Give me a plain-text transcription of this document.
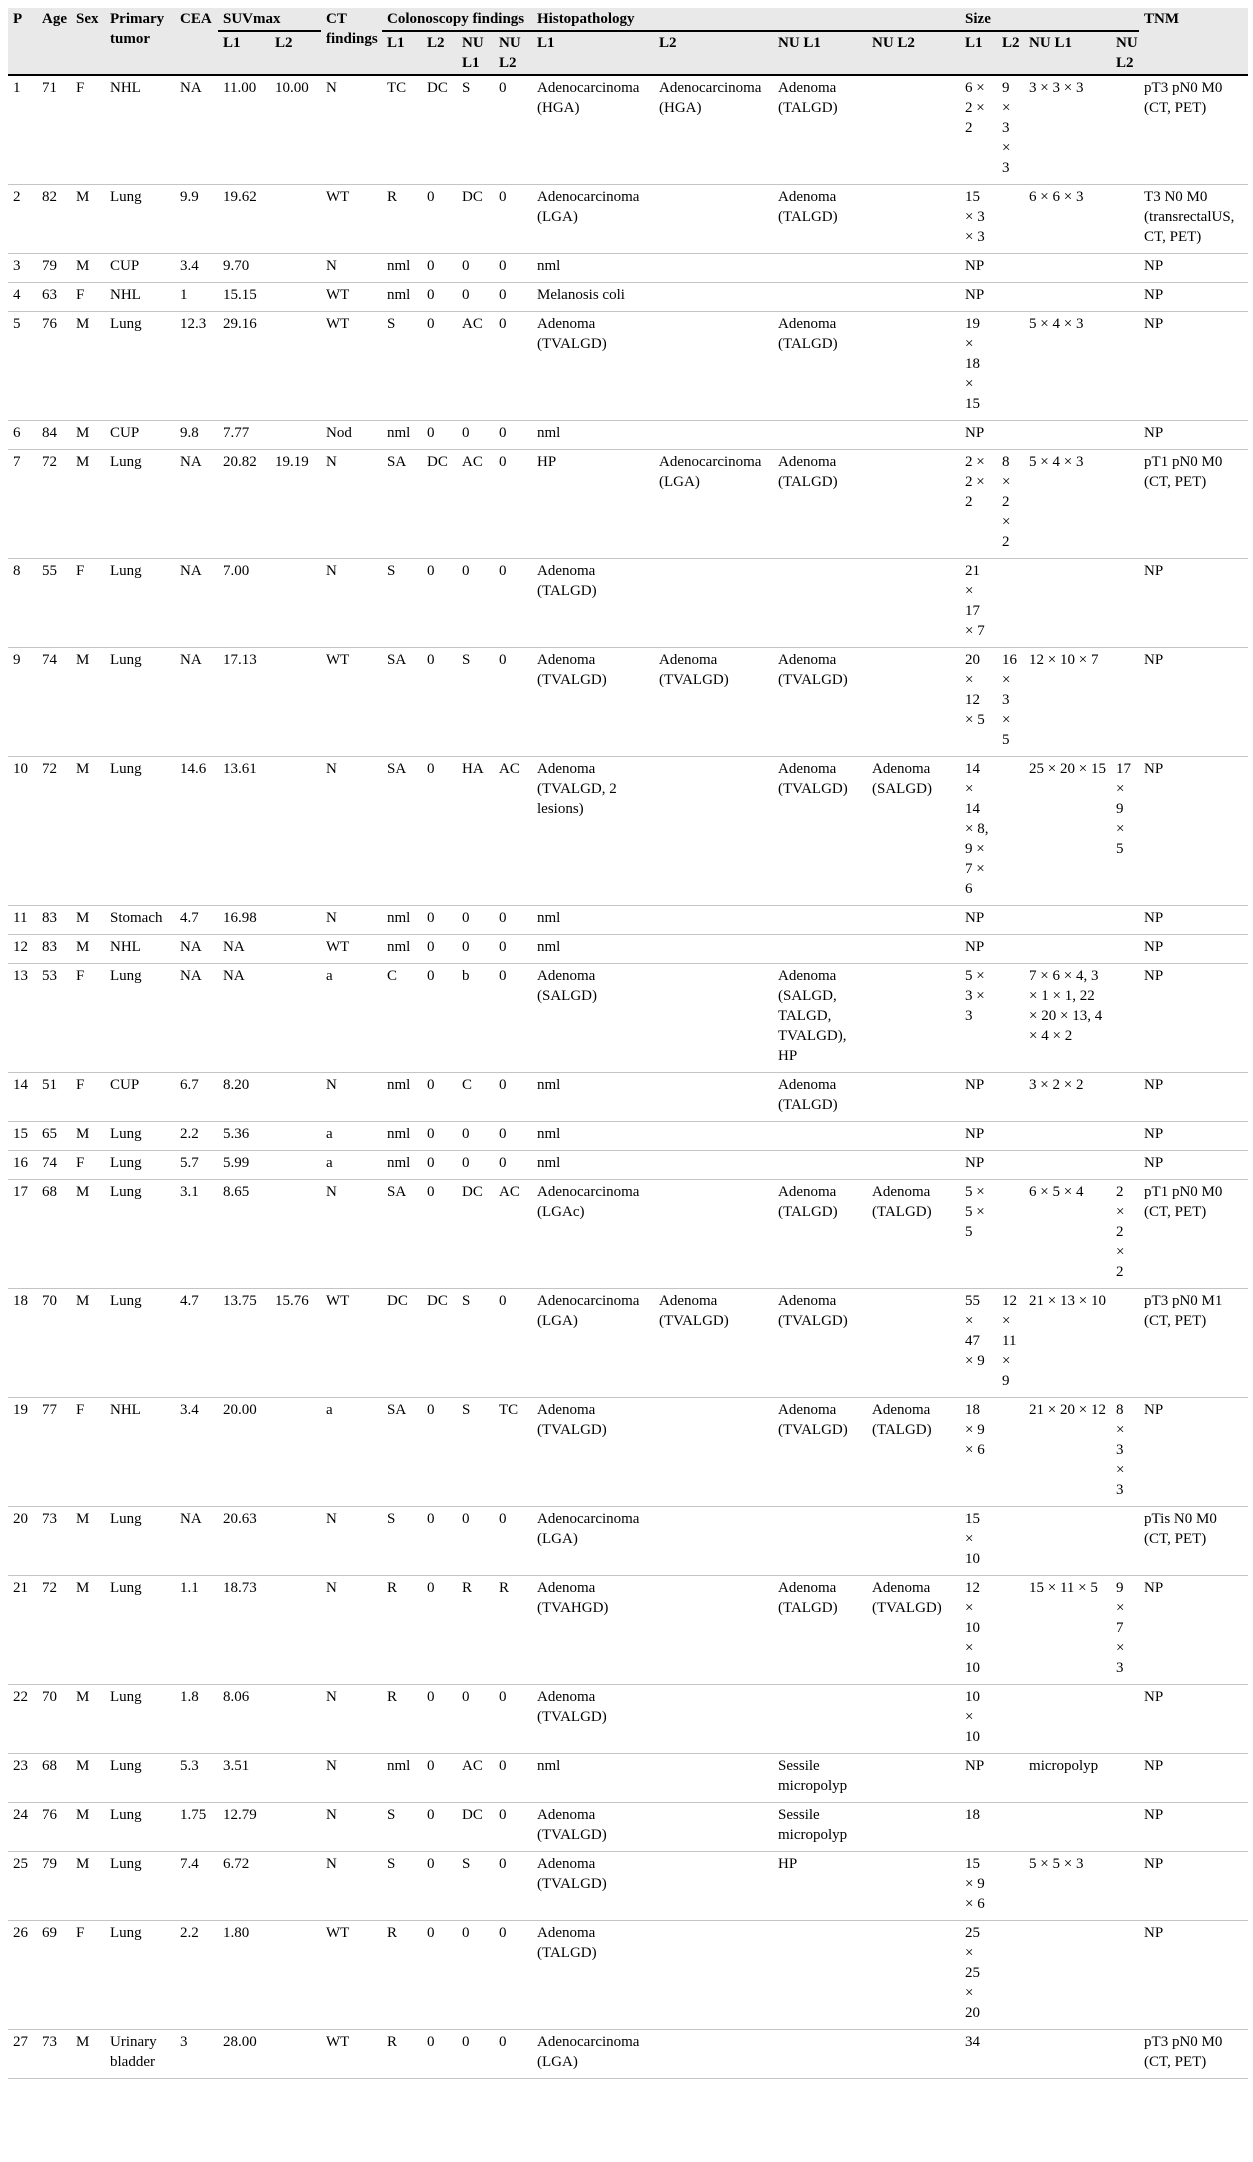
P	Age	Sex	Primary tumor	CEA	SUVmax		CT findings	Colonoscopy findings				Histopathology				Size				TNM
					L1	L2		L1	L2	NU L1	NU L2	L1	L2	NU L1	NU L2	L1	L2	NU L1	NU L2	
1	71	F	NHL	NA	11.00	10.00	N	TC	DC	S	0	Adenocarcinoma (HGA)	Adenocarcinoma (HGA)	Adenoma (TALGD)		6 × 2 × 2	9 × 3 × 3	3 × 3 × 3		pT3 pN0 M0 (CT, PET)
2	82	M	Lung	9.9	19.62		WT	R	0	DC	0	Adenocarcinoma (LGA)		Adenoma (TALGD)		15 × 3 × 3		6 × 6 × 3		T3 N0 M0 (transrectalUS, CT, PET)
3	79	M	CUP	3.4	9.70		N	nml	0	0	0	nml				NP				NP
4	63	F	NHL	1	15.15		WT	nml	0	0	0	Melanosis coli				NP				NP
5	76	M	Lung	12.3	29.16		WT	S	0	AC	0	Adenoma (TVALGD)		Adenoma (TALGD)		19 × 18 × 15		5 × 4 × 3		NP
6	84	M	CUP	9.8	7.77		Nod	nml	0	0	0	nml				NP				NP
7	72	M	Lung	NA	20.82	19.19	N	SA	DC	AC	0	HP	Adenocarcinoma (LGA)	Adenoma (TALGD)		2 × 2 × 2	8 × 2 × 2	5 × 4 × 3		pT1 pN0 M0 (CT, PET)
8	55	F	Lung	NA	7.00		N	S	0	0	0	Adenoma (TALGD)				21 × 17 × 7				NP
9	74	M	Lung	NA	17.13		WT	SA	0	S	0	Adenoma (TVALGD)	Adenoma (TVALGD)	Adenoma (TVALGD)		20 × 12 × 5	16 × 3 × 5	12 × 10 × 7		NP
10	72	M	Lung	14.6	13.61		N	SA	0	HA	AC	Adenoma (TVALGD, 2 lesions)		Adenoma (TVALGD)	Adenoma (SALGD)	14 × 14 × 8, 9 × 7 × 6		25 × 20 × 15	17 × 9 × 5	NP
11	83	M	Stomach	4.7	16.98		N	nml	0	0	0	nml				NP				NP
12	83	M	NHL	NA	NA		WT	nml	0	0	0	nml				NP				NP
13	53	F	Lung	NA	NA		a	C	0	b	0	Adenoma (SALGD)		Adenoma (SALGD, TALGD, TVALGD), HP		5 × 3 × 3		7 × 6 × 4, 3 × 1 × 1, 22 × 20 × 13, 4 × 4 × 2		NP
14	51	F	CUP	6.7	8.20		N	nml	0	C	0	nml		Adenoma (TALGD)		NP		3 × 2 × 2		NP
15	65	M	Lung	2.2	5.36		a	nml	0	0	0	nml				NP				NP
16	74	F	Lung	5.7	5.99		a	nml	0	0	0	nml				NP				NP
17	68	M	Lung	3.1	8.65		N	SA	0	DC	AC	Adenocarcinoma (LGAc)		Adenoma (TALGD)	Adenoma (TALGD)	5 × 5 × 5		6 × 5 × 4	2 × 2 × 2	pT1 pN0 M0 (CT, PET)
18	70	M	Lung	4.7	13.75	15.76	WT	DC	DC	S	0	Adenocarcinoma (LGA)	Adenoma (TVALGD)	Adenoma (TVALGD)		55 × 47 × 9	12 × 11 × 9	21 × 13 × 10		pT3 pN0 M1 (CT, PET)
19	77	F	NHL	3.4	20.00		a	SA	0	S	TC	Adenoma (TVALGD)		Adenoma (TVALGD)	Adenoma (TALGD)	18 × 9 × 6		21 × 20 × 12	8 × 3 × 3	NP
20	73	M	Lung	NA	20.63		N	S	0	0	0	Adenocarcinoma (LGA)				15 × 10				pTis N0 M0 (CT, PET)
21	72	M	Lung	1.1	18.73		N	R	0	R	R	Adenoma (TVAHGD)		Adenoma (TALGD)	Adenoma (TVALGD)	12 × 10 × 10		15 × 11 × 5	9 × 7 × 3	NP
22	70	M	Lung	1.8	8.06		N	R	0	0	0	Adenoma (TVALGD)				10 × 10				NP
23	68	M	Lung	5.3	3.51		N	nml	0	AC	0	nml		Sessile micropolyp		NP		micropolyp		NP
24	76	M	Lung	1.75	12.79		N	S	0	DC	0	Adenoma (TVALGD)		Sessile micropolyp		18				NP
25	79	M	Lung	7.4	6.72		N	S	0	S	0	Adenoma (TVALGD)		HP		15 × 9 × 6		5 × 5 × 3		NP
26	69	F	Lung	2.2	1.80		WT	R	0	0	0	Adenoma (TALGD)				25 × 25 × 20				NP
27	73	M	Urinary bladder	3	28.00		WT	R	0	0	0	Adenocarcinoma (LGA)				34				pT3 pN0 M0 (CT, PET)
